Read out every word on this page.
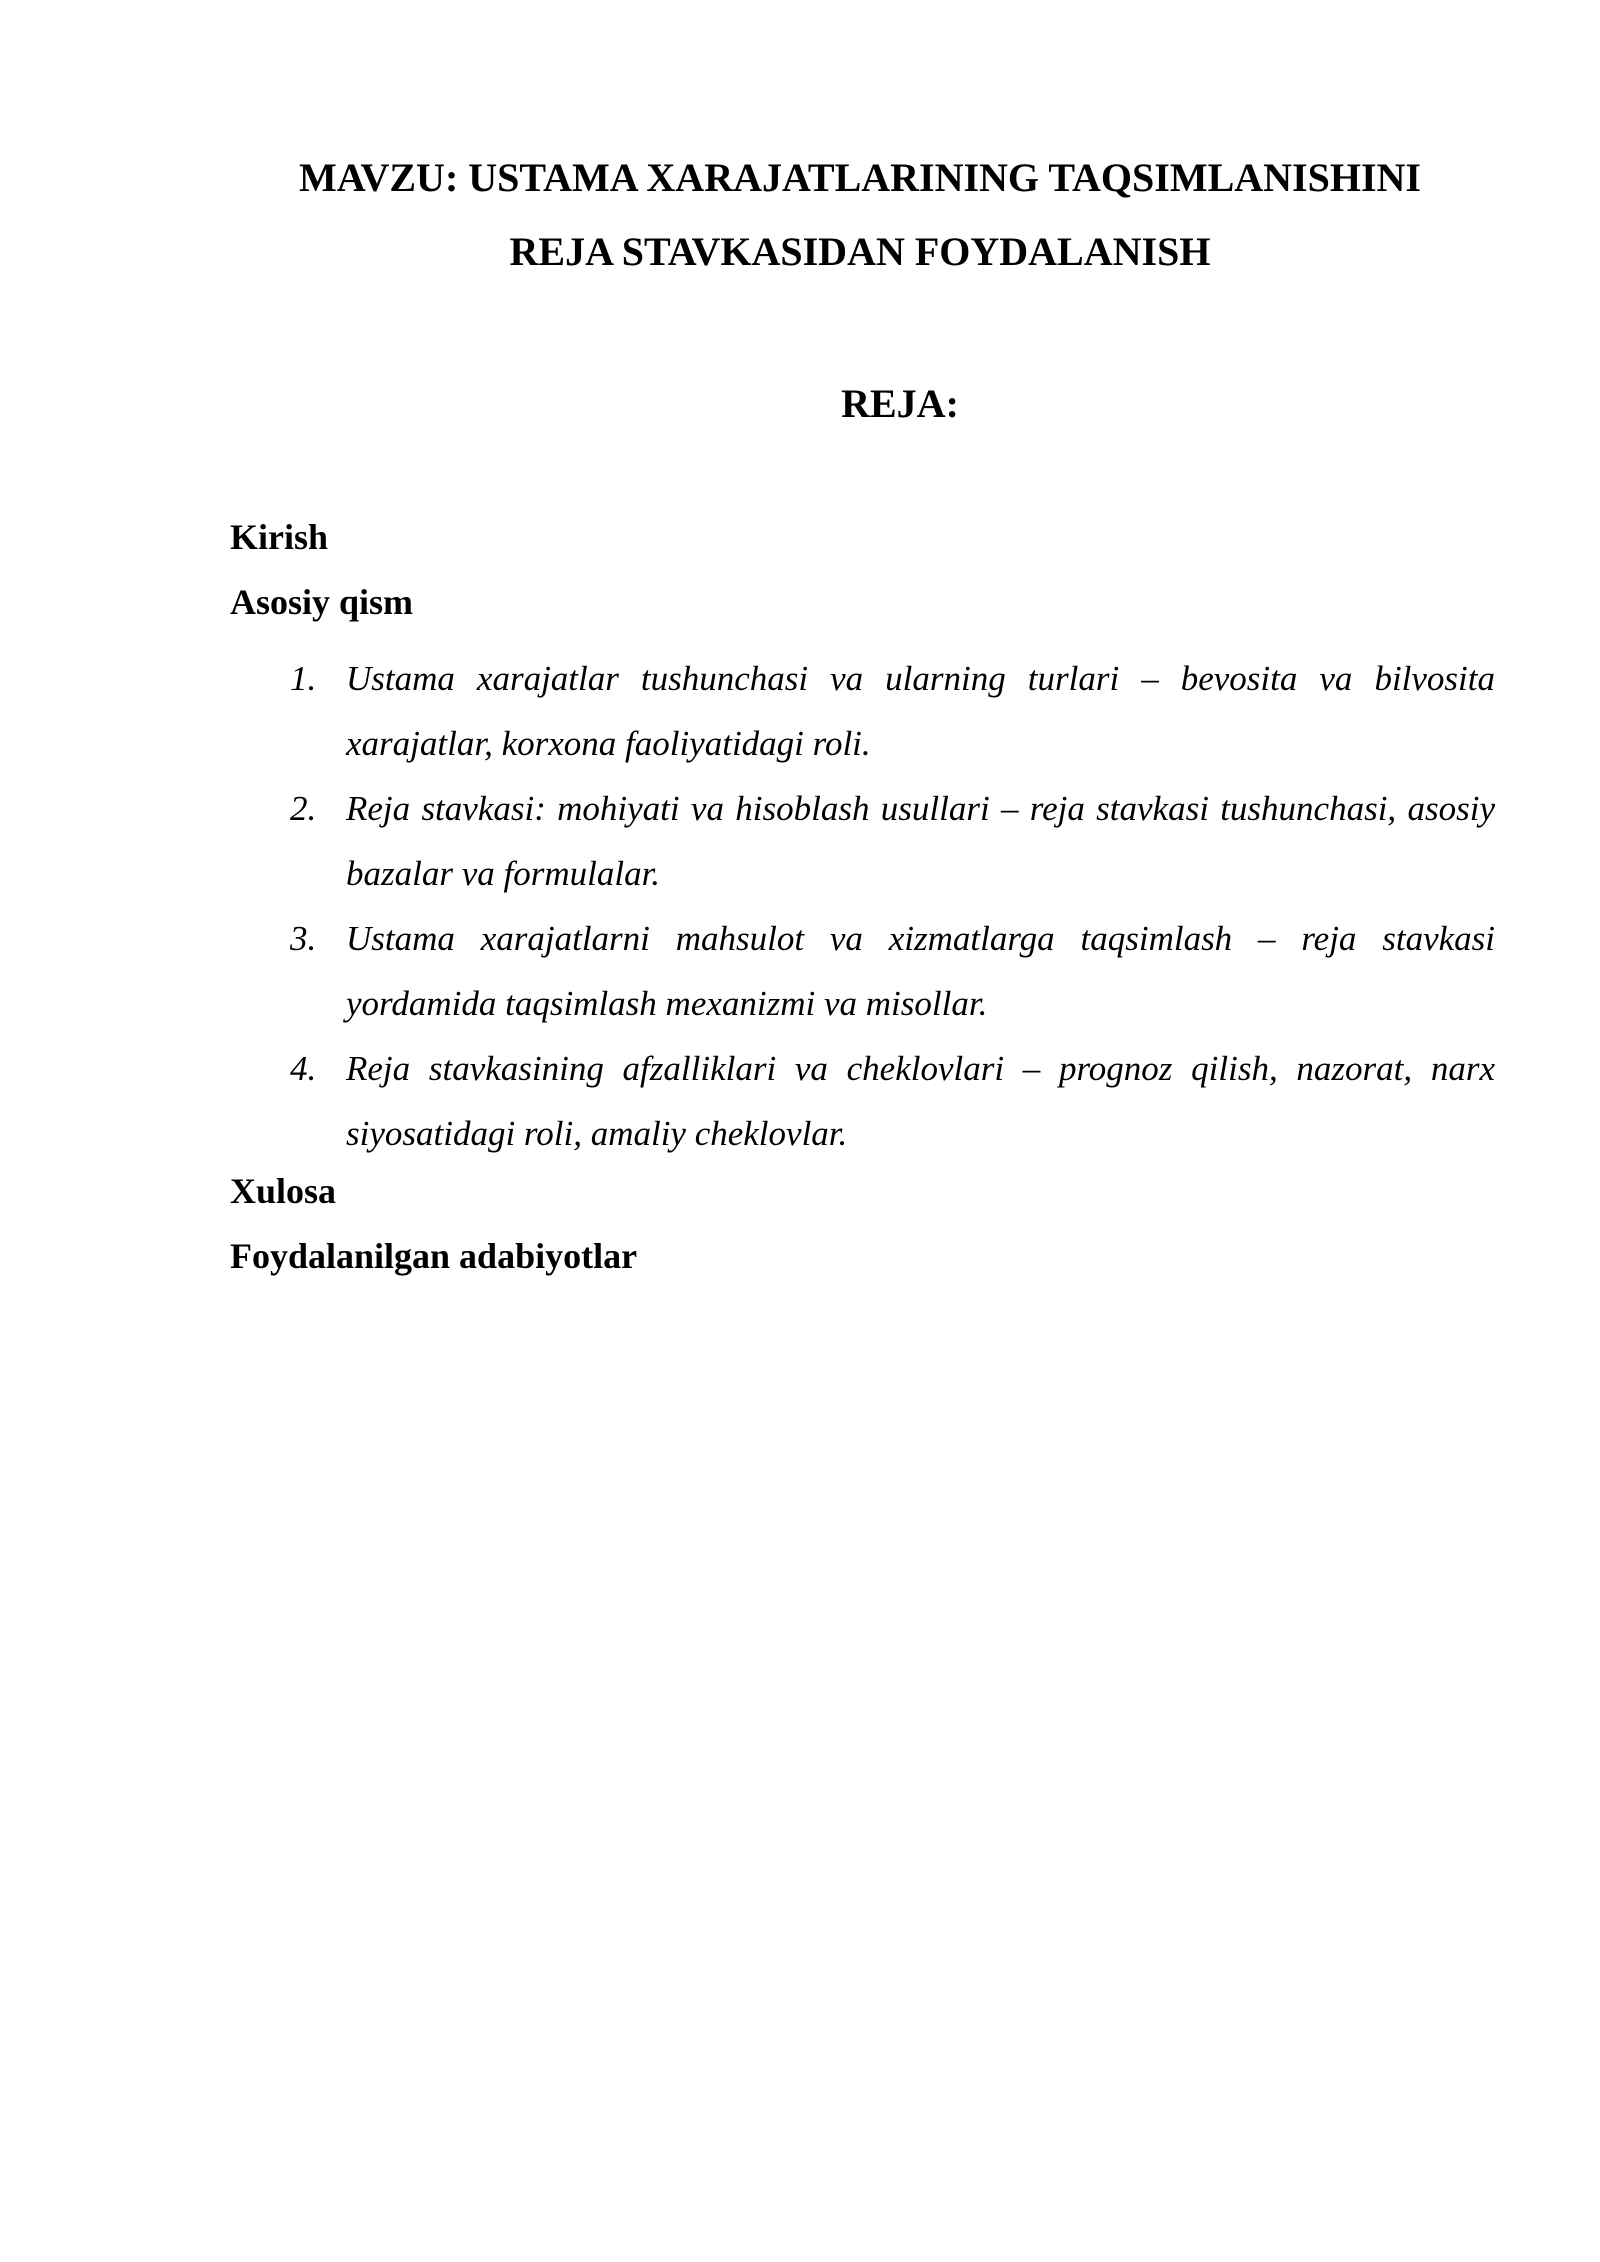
MAVZU: USTAMA XARAJATLARINING TAQSIMLANISHINI
REJA STAVKASIDAN FOYDALANISH
REJA:

Kirish

Asosiy qism

1. Ustama xarajatlar tushunchasi va ularning turlari – bevosita va bilvosita xarajatlar, korxona faoliyatidagi roli.
2. Reja stavkasi: mohiyati va hisoblash usullari – reja stavkasi tushunchasi, asosiy bazalar va formulalar.
3. Ustama xarajatlarni mahsulot va xizmatlarga taqsimlash – reja stavkasi yordamida taqsimlash mexanizmi va misollar.
4. Reja stavkasining afzalliklari va cheklovlari – prognoz qilish, nazorat, narx siyosatidagi roli, amaliy cheklovlar.

Xulosa

Foydalanilgan adabiyotlar
